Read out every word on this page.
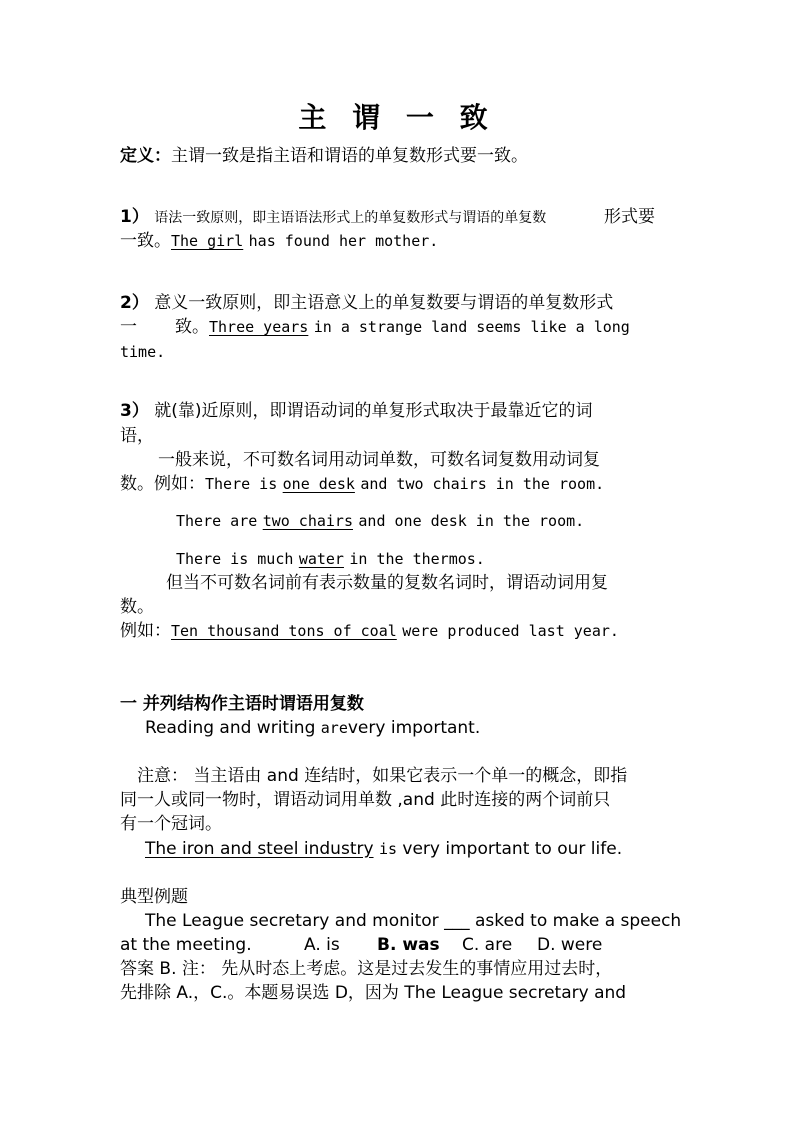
主 谓 一 致
定义：主谓一致是指主语和谓语的单复数形式要一致。
1） 语法一致原则，即主语语法形式上的单复数形式与谓语的单复数	形式要
一致。The girl has found her mother.
2） 意义一致原则，即主语意义上的单复数要与谓语的单复数形式
一 致。Three years in a strange land seems like a long
time.
3） 就(靠)近原则，即谓语动词的单复形式取决于最靠近它的词
语，
一般来说，不可数名词用动词单数，可数名词复数用动词复
数。例如：There is one desk and two chairs in the room.
There are two chairs and one desk in the room.
There is much water in the thermos.
但当不可数名词前有表示数量的复数名词时，谓语动词用复
数。
例如：Ten thousand tons of coal were produced last year.
一 并列结构作主语时谓语用复数
Reading and writing arevery important.
注意： 当主语由 and 连结时，如果它表示一个单一的概念，即指
同一人或同一物时，谓语动词用单数 ,and 此时连接的两个词前只
有一个冠词。
The iron and steel industry is very important to our life.
典型例题
The League secretary and monitor ___ asked to make a speech
at the meeting.	A. is B. was C. are D. were
答案 B. 注： 先从时态上考虑。这是过去发生的事情应用过去时，
先排除 A.，C.。本题易误选 D，因为 The League secretary and
